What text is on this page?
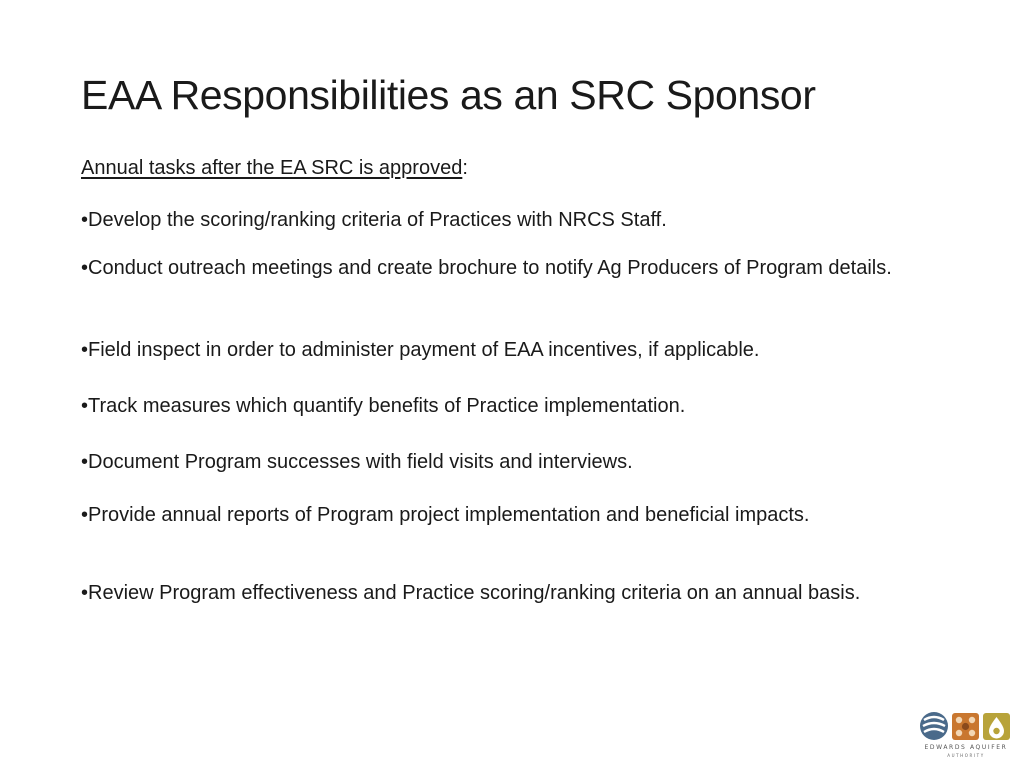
EAA Responsibilities as an SRC Sponsor
Annual tasks after the EA SRC is approved:
•Develop the scoring/ranking criteria of Practices with NRCS Staff.
•Conduct outreach meetings and create brochure to notify Ag Producers of Program details.
•Field inspect in order to administer payment of EAA incentives, if applicable.
•Track measures which quantify benefits of Practice implementation.
•Document Program successes with field visits and interviews.
•Provide annual reports of Program project implementation and beneficial impacts.
•Review Program effectiveness and Practice scoring/ranking criteria on an annual basis.
EDWARDS AQUIFER
AUTHORITY
